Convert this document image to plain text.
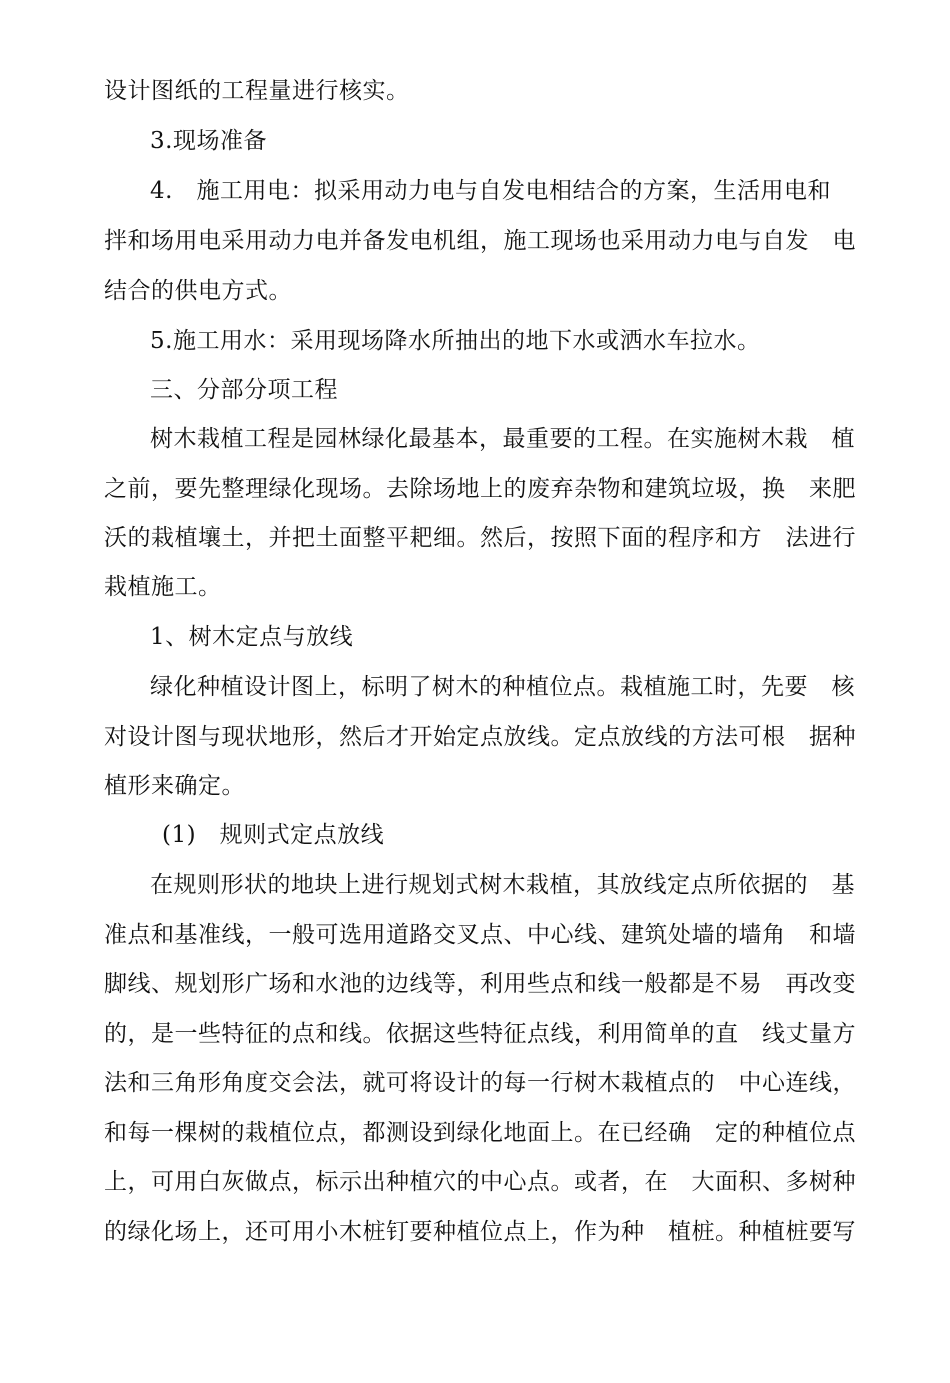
设计图纸的工程量进行核实。
3.现场准备
4.　施工用电：拟采用动力电与自发电相结合的方案，生活用电和
拌和场用电采用动力电并备发电机组，施工现场也采用动力电与自发　电
结合的供电方式。
5.施工用水：采用现场降水所抽出的地下水或洒水车拉水。
三、分部分项工程
树木栽植工程是园林绿化最基本，最重要的工程。在实施树木栽　植
之前，要先整理绿化现场。去除场地上的废弃杂物和建筑垃圾，换　来肥
沃的栽植壤土，并把土面整平耙细。然后，按照下面的程序和方　法进行
栽植施工。
1、树木定点与放线
绿化种植设计图上，标明了树木的种植位点。栽植施工时，先要　核
对设计图与现状地形，然后才开始定点放线。定点放线的方法可根　据种
植形来确定。
(1)　规则式定点放线
在规则形状的地块上进行规划式树木栽植，其放线定点所依据的　基
准点和基准线，一般可选用道路交叉点、中心线、建筑处墙的墙角　和墙
脚线、规划形广场和水池的边线等，利用些点和线一般都是不易　再改变
的，是一些特征的点和线。依据这些特征点线，利用简单的直　线丈量方
法和三角形角度交会法，就可将设计的每一行树木栽植点的　中心连线，
和每一棵树的栽植位点，都测设到绿化地面上。在已经确　定的种植位点
上，可用白灰做点，标示出种植穴的中心点。或者，在　大面积、多树种
的绿化场上，还可用小木桩钉要种植位点上，作为种　植桩。种植桩要写
